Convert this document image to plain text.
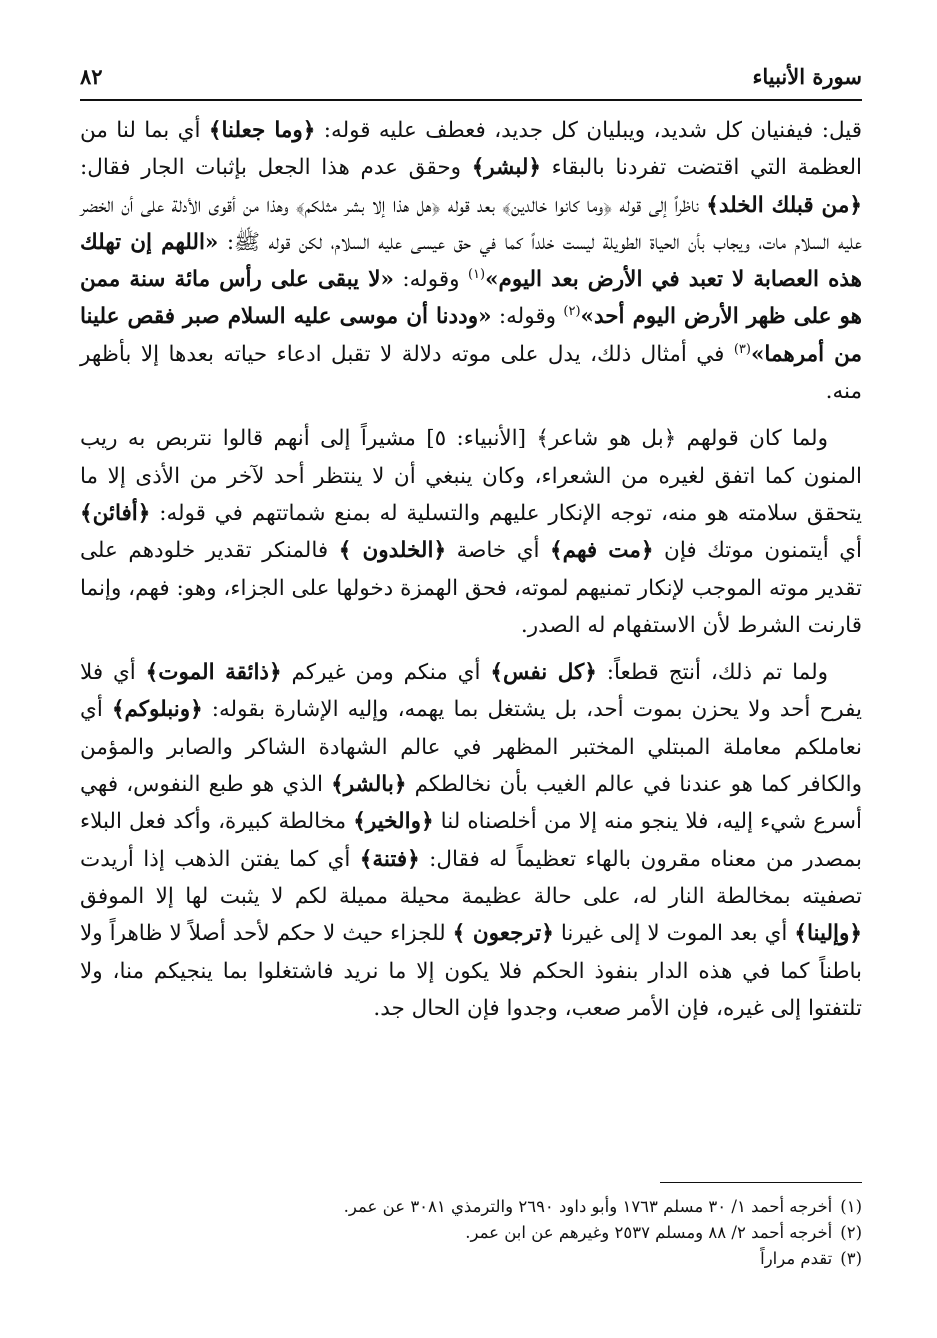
سورة الأنبياء
٨٢

قيل: فيفنيان كل شديد، ويبليان كل جديد، فعطف عليه قوله: ﴿وما جعلنا﴾ أي بما لنا من العظمة التي اقتضت تفردنا بالبقاء ﴿لبشر﴾ وحقق عدم هذا الجعل بإثبات الجار فقال: ﴿من قبلك الخلد﴾ ناظراً إلى قوله ﴿وما كانوا خالدين﴾ بعد قوله ﴿هل هذا إلا بشر مثلكم﴾ وهذا من أقوى الأدلة على أن الخضر عليه السلام مات، ويجاب بأن الحياة الطويلة ليست خلداً كما في حق عيسى عليه السلام، لكن قوله ﷺ: «اللهم إن تهلك هذه العصابة لا تعبد في الأرض بعد اليوم»$^{(١)}$ وقوله: «لا يبقى على رأس مائة سنة ممن هو على ظهر الأرض اليوم أحد»$^{(٢)}$ وقوله: «وددنا أن موسى عليه السلام صبر فقص علينا من أمرهما»$^{(٣)}$ في أمثال ذلك، يدل على موته دلالة لا تقبل ادعاء حياته بعدها إلا بأظهر منه.

ولما كان قولهم ﴿بل هو شاعر﴾ [الأنبياء: ٥] مشيراً إلى أنهم قالوا نتربص به ريب المنون كما اتفق لغيره من الشعراء، وكان ينبغي أن لا ينتظر أحد لآخر من الأذى إلا ما يتحقق سلامته هو منه، توجه الإنكار عليهم والتسلية له بمنع شماتتهم في قوله: ﴿أفائن﴾ أي أيتمنون موتك فإن ﴿مت فهم﴾ أي خاصة ﴿الخلدون ﴾ فالمنكر تقدير خلودهم على تقدير موته الموجب لإنكار تمنيهم لموته، فحق الهمزة دخولها على الجزاء، وهو: فهم، وإنما قارنت الشرط لأن الاستفهام له الصدر.

ولما تم ذلك، أنتج قطعاً: ﴿كل نفس﴾ أي منكم ومن غيركم ﴿ذائقة الموت﴾ أي فلا يفرح أحد ولا يحزن بموت أحد، بل يشتغل بما يهمه، وإليه الإشارة بقوله: ﴿ونبلوكم﴾ أي نعاملكم معاملة المبتلي المختبر المظهر في عالم الشهادة الشاكر والصابر والمؤمن والكافر كما هو عندنا في عالم الغيب بأن نخالطكم ﴿بالشر﴾ الذي هو طبع النفوس، فهي أسرع شيء إليه، فلا ينجو منه إلا من أخلصناه لنا ﴿والخير﴾ مخالطة كبيرة، وأكد فعل البلاء بمصدر من معناه مقرون بالهاء تعظيماً له فقال: ﴿فتنة﴾ أي كما يفتن الذهب إذا أريدت تصفيته بمخالطة النار له، على حالة عظيمة محيلة مميلة لكم لا يثبت لها إلا الموفق ﴿وإلينا﴾ أي بعد الموت لا إلى غيرنا ﴿ترجعون ﴾ للجزاء حيث لا حكم لأحد أصلاً لا ظاهراً ولا باطناً كما في هذه الدار بنفوذ الحكم فلا يكون إلا ما نريد فاشتغلوا بما ينجيكم منا، ولا تلتفتوا إلى غيره، فإن الأمر صعب، وجدوا فإن الحال جد.

(١)أخرجه أحمد ١/ ٣٠ مسلم ١٧٦٣ وأبو داود ٢٦٩٠ والترمذي ٣٠٨١ عن عمر.
(٢)أخرجه أحمد ٢/ ٨٨ ومسلم ٢٥٣٧ وغيرهم عن ابن عمر.
(٣)تقدم مراراً
